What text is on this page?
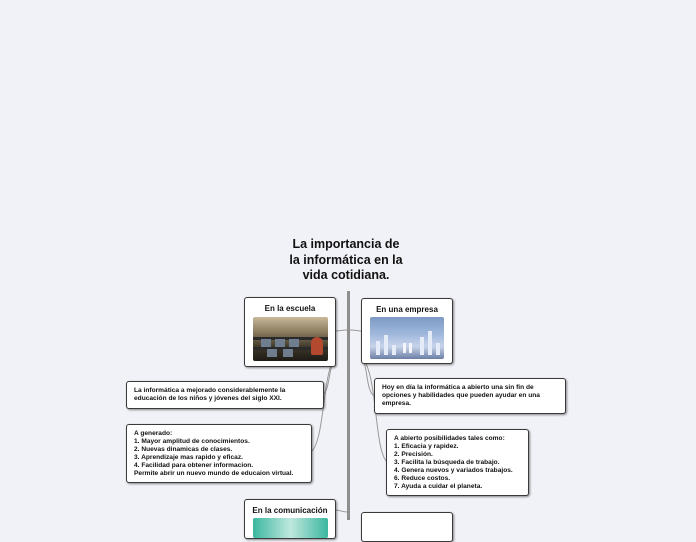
La importancia de
la informática en la
vida cotidiana.
En la escuela	En una empresa
La informática a mejorado considerablemente la
educación de los niños y jóvenes del siglo XXI.
A generado:
1. Mayor amplitud de conocimientos.
2. Nuevas dinamicas de clases.
3. Aprendizaje mas rapido y eficaz.
4. Facilidad para obtener informacion.
Permite abrir un nuevo mundo de educaion virtual.
Hoy en día la informática a abierto una sin fin de
opciones y habilidades que pueden ayudar en una
empresa.
A abierto posibilidades tales como:
1. Eficacia y rapidez.
2. Precisión.
3. Facilita la búsqueda de trabajo.
4. Genera nuevos y variados trabajos.
6. Reduce costos.
7. Ayuda a cuidar el planeta.
En la comunicación
